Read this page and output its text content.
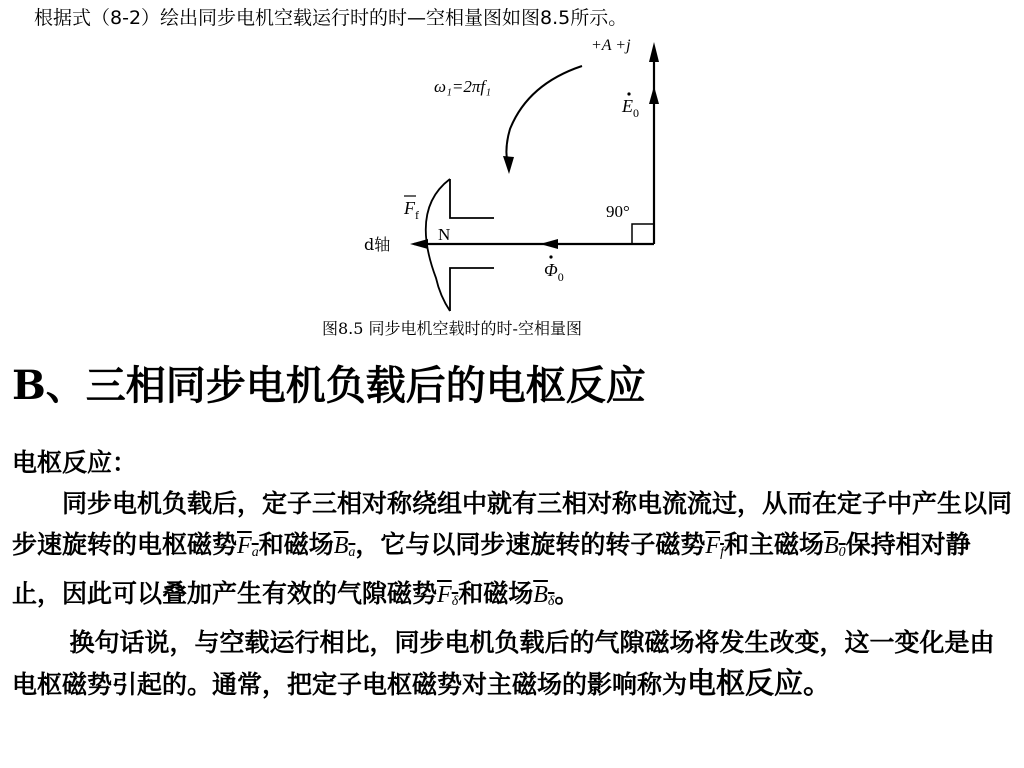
根据式（8-2）绘出同步电机空载运行时的时—空相量图如图8.5所示。
+A +j
ω₁=2πf₁
$E_0$
$F_f$
N
90°
d轴
$\Phi_0$
图8.5 同步电机空载时的时-空相量图
B、三相同步电机负载后的电枢反应

电枢反应：

同步电机负载后，定子三相对称绕组中就有三相对称电流流过，从而在定子中产生以同步速旋转的电枢磁势$F_a$和磁场$B_a$，它与以同步速旋转的转子磁势$F_f$和主磁场$B_0$保持相对静止，因此可以叠加产生有效的气隙磁势$F_\delta$和磁场$B_\delta$。

换句话说，与空载运行相比，同步电机负载后的气隙磁场将发生改变，这一变化是由电枢磁势引起的。通常，把定子电枢磁势对主磁场的影响称为电枢反应。
